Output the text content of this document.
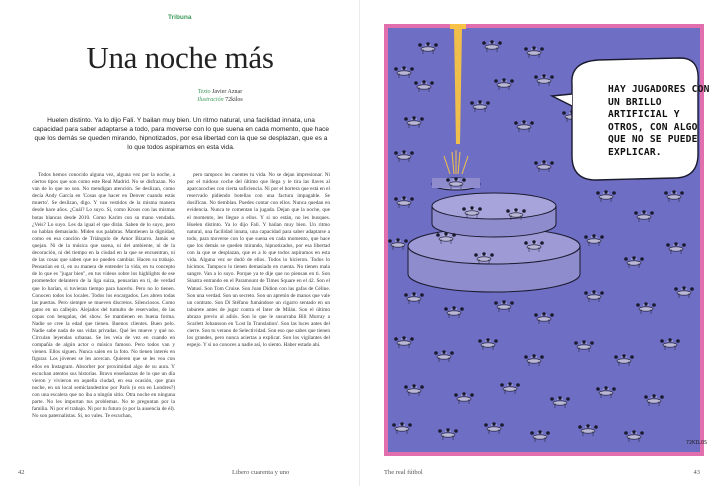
Tribuna
Una noche más
Texto Javier Aznar
Ilustración 72kilos

Huelen distinto. Ya lo dijo Fali. Y bailan muy bien. Un ritmo natural, una facilidad innata, una capacidad para saber adaptarse a todo, para moverse con lo que suena en cada momento, que hace que los demás se queden mirando, hipnotizados, por esa libertad con la que se desplazan, que es a lo que todos aspiramos en esta vida.

Todos hemos conocido alguna vez, alguna vez por la noche, a ciertos tipos que son como este Real Madrid. No se disfrazan. No van de lo que no son. No mendigan atención. Se deslizan, como decía Andy García en 'Cosas que hacer en Denver cuando estás muerto'. Se deslizan, digo. Y van vestidos de la misma manera desde hace años. ¿Cuál? Lo suyo. Si, como Kroos con las mismas botas blancas desde 2010. Como Karim con su mano vendada. ¿Veis? Lo suyo. Les da igual el que dirán. Saben de lo suyo, pero no hablan demasiado. Miden sus palabras. Mantienen la dignidad, como en esa canción de Triángulo de Amor Bizarro. Jamás se quejan. Ni de la música que suena, ni del ambiente, ni de la decoración, ni del tiempo en la ciudad en la que se encuentran, ni de las cosas que saben que no pueden cambiar. Hacen su trabajo. Pensarían en ti, en su manera de entender la vida, en tu concepto de lo que es "jugar bien", en tus vídeos sobre los highlights de ese prometedor delantero de la liga suiza, pensarían en ti, de verdad que lo harían, si tuvieran tiempo para hacerlo. Pero no lo tienen. Conocen todos los locales. Todos los encargados. Les abren todas las puertas. Pero siempre se mueven discretos. Silenciosos. Como gatos en un callejón. Alejados del tumulto de reservados, de las copas con bengalas, del show. Se mantienen en buena forma. Nadie se cree la edad que tienen. Buenos clientes. Buen pelo. Nadie sabe nada de sus vidas privadas. Qué les mueve y qué no. Circulan leyendas urbanas. Se les veía de vez en cuando en compañía de algún actor o músico famoso. Pero todos van y vienen. Ellos siguen. Nunca salen en la foto. No tienen interés en figurar. Los jóvenes se les acercan. Quieren que se les vea con ellos en Instagram. Absorber por proximidad algo de su aura. Y escuchan atentos sus historias. Bravo enseñanzas de lo que un día vieron y vivieron en aquella ciudad, en esa ocasión, que gran noche, en un local semiclandestino por París (o era en Londres?) con una escalera que no iba a ningún sitio. Otra noche en ninguna parte. No les importan tus problemas. No te preguntan por la familia. Ni por el trabajo. Ni por tu futuro (o por la ausencia de él). No son paternalistas. Si, no vales. Te escuchan,

pero tampoco les cuentes tu vida. No se dejan impresionar. Ni por el ruidoso coche del último que llega y le tira las llaves al aparcacoches con cierta suficiencia. Ni por el hortera que está en el reservado pidiendo botellas con una factura impagable. Se dosifican. No tiemblan. Puedes contar con ellos. Nunca quedan en evidencia. Nunca te comentan la jugada. Dejan que la noche, que el momento, les llegue a ellos. Y si no están, no les busques. Huelen distinto. Ya lo dijo Fali. Y bailan muy bien. Un ritmo natural, una facilidad innata, una capacidad para saber adaptarse a todo, para moverse con lo que suena en cada momento, que hace que los demás se queden mirando, hipnotizados, por esa libertad con la que se desplazan, que es a lo que todos aspiramos en esta vida. Alguna vez se dudó de ellos. Todos lo hicieron. Todos lo hicimos. Tampoco lo tienen demasiado en cuenta. No tienen mala sangre. Van a lo suyo. Porque ya te dije que no piensan en ti. Son Sinatra entrando en el Paramount de Times Square en el 42. Son el Watusi. Son Tom Cruise. Son Joan Didion con las gafas de Céline. Son una verdad. Son un secreto. Son un apretón de manos que vale un contrato. Son Di Stéfano fumándose un cigarro sentado en un taburete antes de jugar contra el Inter de Milán. Son el último abrazo previo al adiós. Son lo que le susurraba Bill Murray a Scarlett Johansson en 'Lost In Translation'. Son las luces antes del cierre. Son tu verano de Selectividad. Son eso que sabes que tienen los grandes, pero nunca aciertas a explicar. Son los vigilantes del espejo. Y si no conoces a nadie así, lo siento. Haber estado ahí.

42	Libero cuarenta y uno
HAY JUGADORES CON UN BRILLO ARTIFICIAL Y OTROS, CON ALGO QUE NO SE PUEDE EXPLICAR.
72KILOS
The real fútbol	43
